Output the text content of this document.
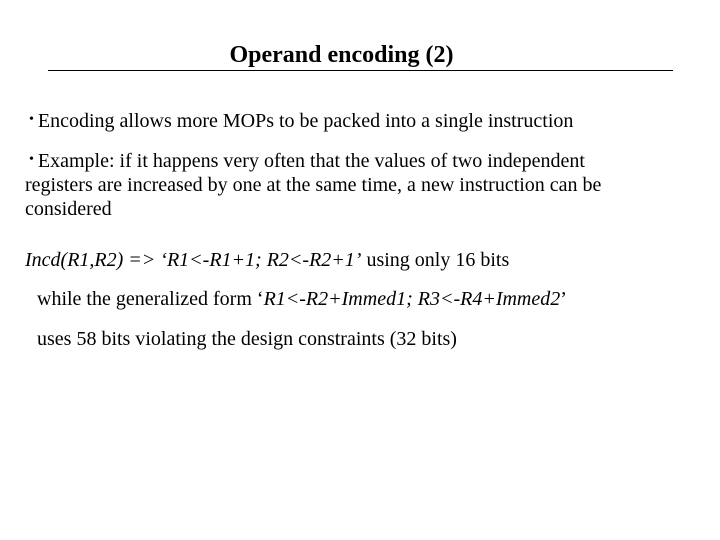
Operand encoding (2)
• Encoding allows more MOPs to be packed into a single instruction
• Example: if it happens very often that the values of two independent
registers are increased by one at the same time, a new instruction can be
considered
Incd(R1,R2) => ‘R1<-R1+1; R2<-R2+1’ using only 16 bits
while the generalized form ‘R1<-R2+Immed1; R3<-R4+Immed2’
uses 58 bits violating the design constraints (32 bits)
